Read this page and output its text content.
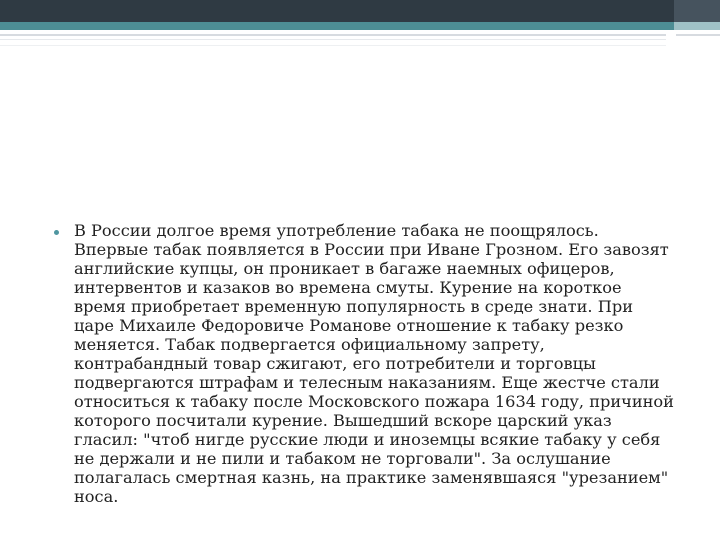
В России долгое время употребление табака не поощрялось. Впервые табак появляется в России при Иване Грозном. Его завозят английские купцы, он проникает в багаже наемных офицеров, интервентов и казаков во времена смуты. Курение на короткое время приобретает временную популярность в среде знати. При царе Михаиле Федоровиче Романове отношение к табаку резко меняется. Табак подвергается официальному запрету, контрабандный товар сжигают, его потребители и торговцы подвергаются штрафам и телесным наказаниям. Еще жестче стали относиться к табаку после Московского пожара 1634 году, причиной которого посчитали курение. Вышедший вскоре царский указ гласил: "чтоб нигде русские люди и иноземцы всякие табаку у себя не держали и не пили и табаком не торговали". За ослушание полагалась смертная казнь, на практике заменявшаяся "урезанием" носа.
